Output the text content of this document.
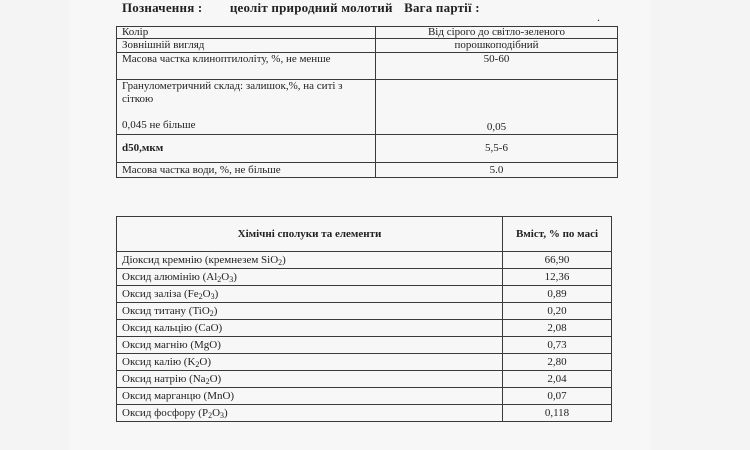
Позначення : цеоліт природний молотий Вага партії :
.
Колір	Від сірого до світло-зеленого
Зовнішній вигляд	порошкоподібний
Масова частка клиноптилоліту, %, не менше	50-60
Гранулометричний склад: залишок,%, на ситі з сіткою
0,045 не більше	0,05
d50,мкм	5,5-6
Масова частка води, %, не більше	5.0
Хімічні сполуки та елементи	Вміст, % по масі
Діоксид кремнію (кремнезем SiO$_2$)	66,90
Оксид алюмінію $(Al_2O_3)$	12,36
Оксид заліза $(Fe_2O_3)$	0,89
Оксид титану (TiO$_2$)	0,20
Оксид кальцію (CaO)	2,08
Оксид магнію (MgO)	0,73
Оксид калію $(K_2O)$	2,80
Оксид натрію $(Na_2O)$	2,04
Оксид марганцю (MnO)	0,07
Оксид фосфору $(P_2O_3)$	0,118
